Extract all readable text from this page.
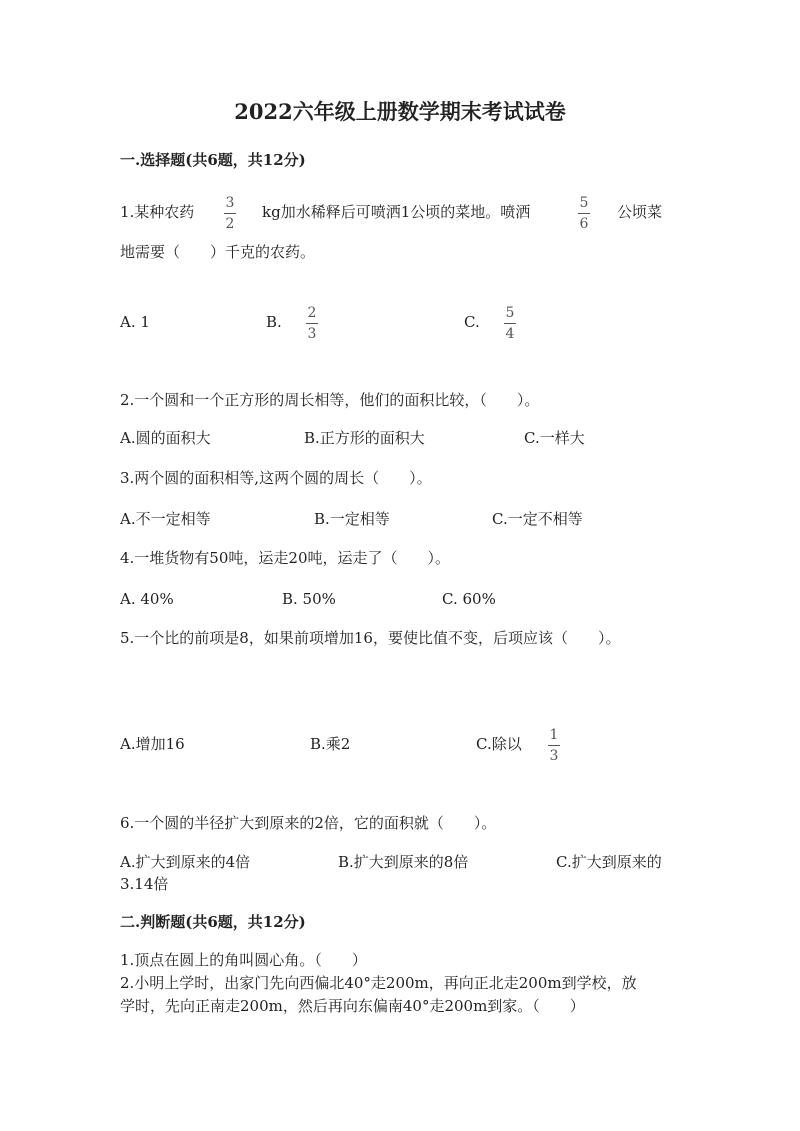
2022六年级上册数学期末考试试卷
一.选择题(共6题，共12分)
1.某种农药 3
2
kg加水稀释后可喷洒1公顷的菜地。喷洒	5
6
公顷菜
地需要（　　）千克的农药。
A. 1	B. 2
3
C. 5
4
2.一个圆和一个正方形的周长相等，他们的面积比较，（　　）。
A.圆的面积大	B.正方形的面积大	C.一样大
3.两个圆的面积相等,这两个圆的周长（　　）。
A.不一定相等	B.一定相等	C.一定不相等
4.一堆货物有50吨，运走20吨，运走了（　　）。
A. 40%	B. 50%	C. 60%
5.一个比的前项是8，如果前项增加16，要使比值不变，后项应该（　　）。
A.增加16	B.乘2	C.除以 1
3
6.一个圆的半径扩大到原来的2倍，它的面积就（　　）。
A.扩大到原来的4倍	B.扩大到原来的8倍	C.扩大到原来的
3.14倍
二.判断题(共6题，共12分)
1.顶点在圆上的角叫圆心角。（　　）
2.小明上学时，出家门先向西偏北40°走200m，再向正北走200m到学校，放
学时，先向正南走200m，然后再向东偏南40°走200m到家。（　　）
